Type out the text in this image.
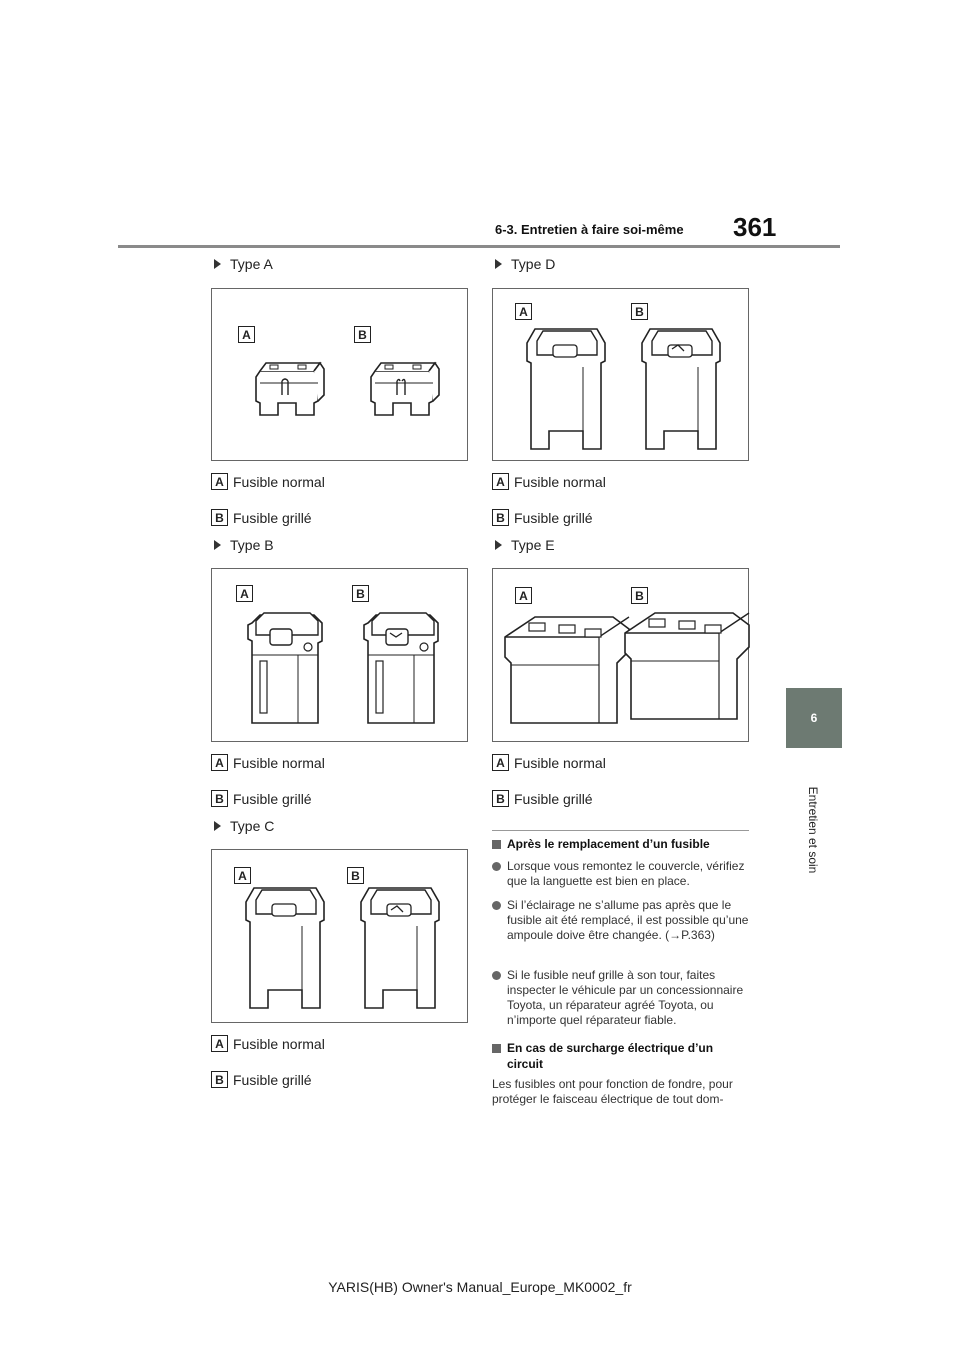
6-3. Entretien à faire soi-même 361
6
Entretien et soin
Type A
A	B
A Fusible normal
B Fusible grillé
Type B
A	B
A Fusible normal
B Fusible grillé
Type C
A	B
A Fusible normal
B Fusible grillé
Type D
A	B
A Fusible normal
B Fusible grillé
Type E
A	B
A Fusible normal
B Fusible grillé
Après le remplacement d’un fusible
Lorsque vous remontez le couvercle, vérifiez que la languette est bien en place.
Si l’éclairage ne s’allume pas après que le fusible ait été remplacé, il est possible qu’une ampoule doive être changée. (→P.363)
Si le fusible neuf grille à son tour, faites inspecter le véhicule par un concessionnaire Toyota, un réparateur agréé Toyota, ou n’importe quel réparateur fiable.
En cas de surcharge électrique d’un circuit
Les fusibles ont pour fonction de fondre, pour protéger le faisceau électrique de tout dom-
YARIS(HB) Owner's Manual_Europe_MK0002_fr
